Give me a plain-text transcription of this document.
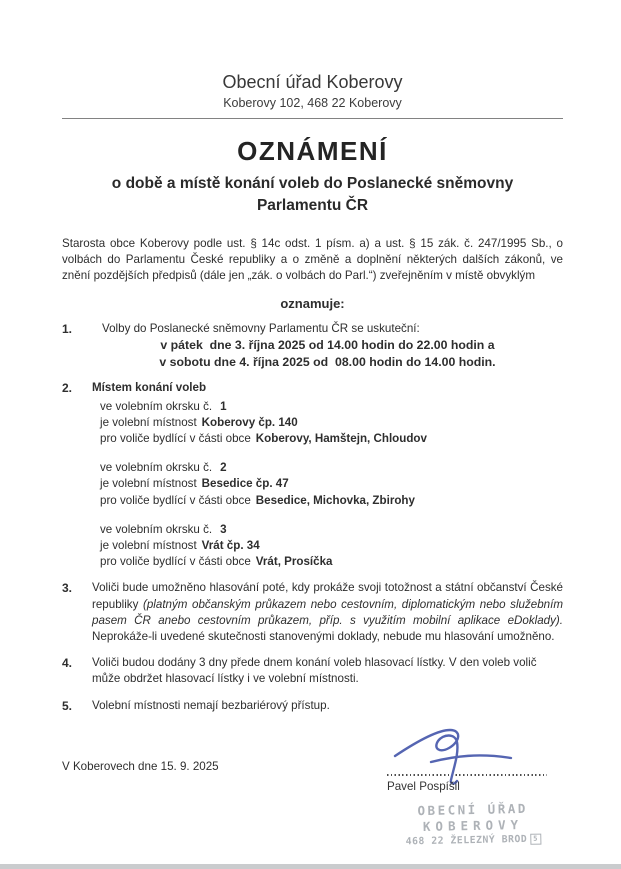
Obecní úřad Koberovy
Koberovy 102, 468 22 Koberovy
OZNÁMENÍ
o době a místě konání voleb do Poslanecké sněmovny
Parlamentu ČR

Starosta obce Koberovy podle ust. § 14c odst. 1 písm. a) a ust. § 15 zák. č. 247/1995 Sb., o volbách do Parlamentu České republiky a o změně a doplnění některých dalších zákonů, ve znění pozdějších předpisů (dále jen „zák. o volbách do Parl.“) zveřejněním v místě obvyklým

oznamuje:
1.	Volby do Poslanecké sněmovny Parlamentu ČR se uskuteční:
v pátek  dne 3. října 2025 od 14.00 hodin do 22.00 hodin a
v sobotu dne 4. října 2025 od  08.00 hodin do 14.00 hodin.
2.	Místem konání voleb
ve volebním okrsku č. 1
je volební místnost Koberovy čp. 140
pro voliče bydlící v části obce Koberovy, Hamštejn, Chloudov
ve volebním okrsku č. 2
je volební místnost Besedice čp. 47
pro voliče bydlící v části obce Besedice, Michovka, Zbirohy
ve volebním okrsku č. 3
je volební místnost Vrát čp. 34
pro voliče bydlící v části obce Vrát, Prosíčka
3.	Voliči bude umožněno hlasování poté, kdy prokáže svoji totožnost a státní občanství České republiky (platným občanským průkazem nebo cestovním, diplomatickým nebo služebním pasem ČR anebo cestovním průkazem, příp. s využitím mobilní aplikace eDoklady). Neprokáže-li uvedené skutečnosti stanovenými doklady, nebude mu hlasování umožněno.
4.	Voliči budou dodány 3 dny přede dnem konání voleb hlasovací lístky. V den voleb volič může obdržet hlasovací lístky i ve volební místnosti.
5.	Volební místnosti nemají bezbariérový přístup.
V Koberovech dne 15. 9. 2025
Pavel Pospíšil
OBECNÍ ÚŘAD
KOBEROVY
468 22 ŽELEZNÝ BROD 5
